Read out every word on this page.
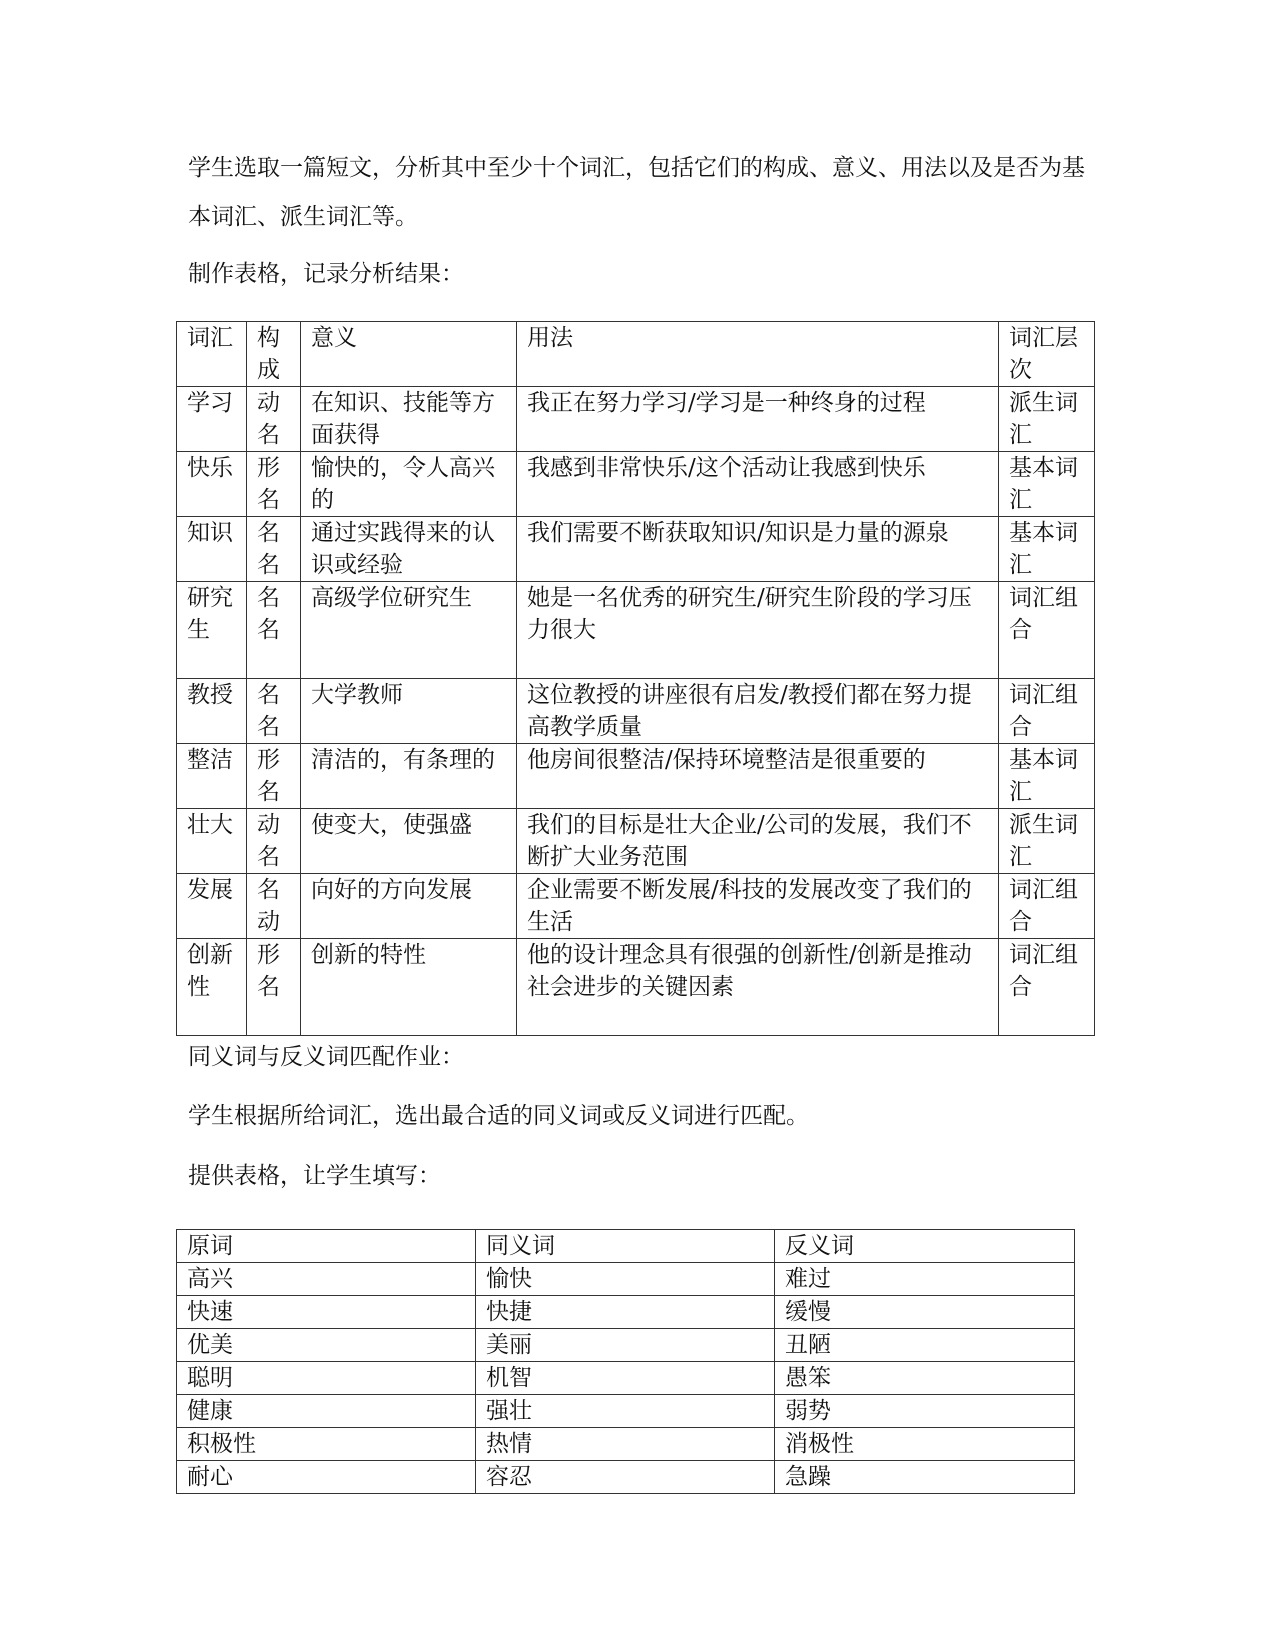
学生选取一篇短文，分析其中至少十个词汇，包括它们的构成、意义、用法以及是否为基本词汇、派生词汇等。

制作表格，记录分析结果：

词汇	构成	意义	用法	词汇层次
学习	动名	在知识、技能等方面获得	我正在努力学习/学习是一种终身的过程	派生词汇
快乐	形名	愉快的，令人高兴的	我感到非常快乐/这个活动让我感到快乐	基本词汇
知识	名名	通过实践得来的认识或经验	我们需要不断获取知识/知识是力量的源泉	基本词汇
研究生	名名	高级学位研究生	她是一名优秀的研究生/研究生阶段的学习压力很大	词汇组合
教授	名名	大学教师	这位教授的讲座很有启发/教授们都在努力提高教学质量	词汇组合
整洁	形名	清洁的，有条理的	他房间很整洁/保持环境整洁是很重要的	基本词汇
壮大	动名	使变大，使强盛	我们的目标是壮大企业/公司的发展，我们不断扩大业务范围	派生词汇
发展	名动	向好的方向发展	企业需要不断发展/科技的发展改变了我们的生活	词汇组合
创新性	形名	创新的特性	他的设计理念具有很强的创新性/创新是推动社会进步的关键因素	词汇组合

同义词与反义词匹配作业：

学生根据所给词汇，选出最合适的同义词或反义词进行匹配。

提供表格，让学生填写：

原词	同义词	反义词
高兴	愉快	难过
快速	快捷	缓慢
优美	美丽	丑陋
聪明	机智	愚笨
健康	强壮	弱势
积极性	热情	消极性
耐心	容忍	急躁
